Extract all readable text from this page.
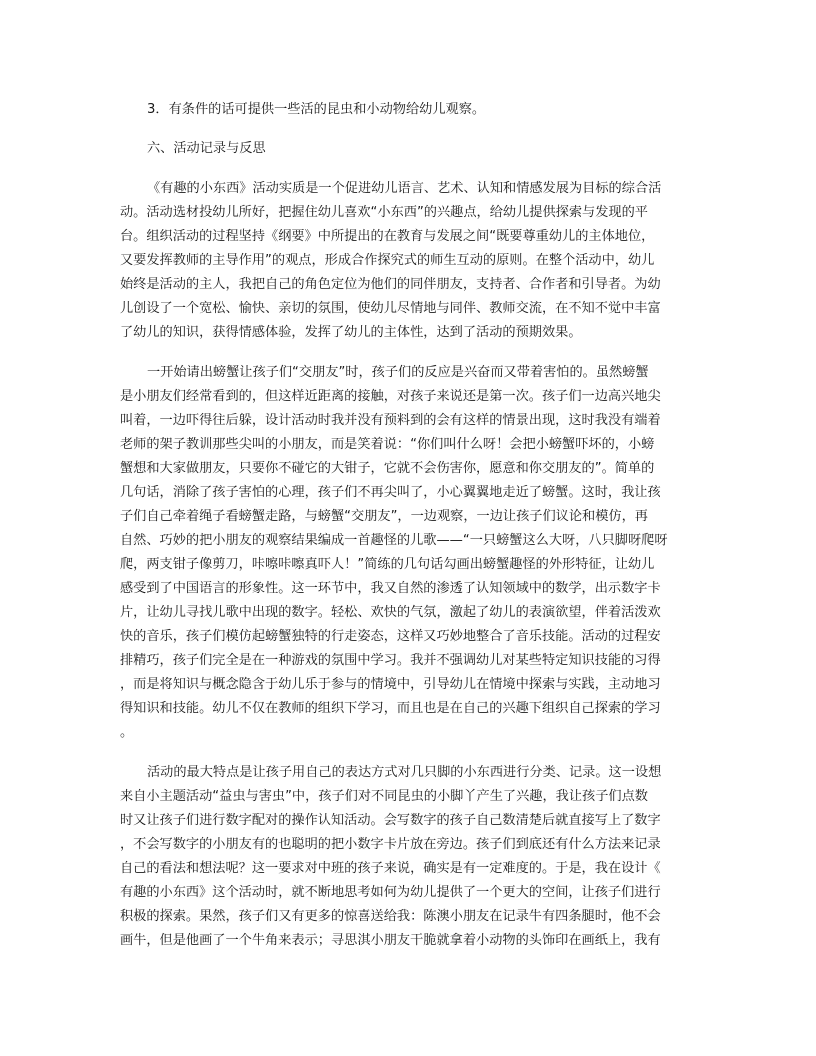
3．有条件的话可提供一些活的昆虫和小动物给幼儿观察。
六、活动记录与反思
《有趣的小东西》活动实质是一个促进幼儿语言、艺术、认知和情感发展为目标的综合活
动。活动选材投幼儿所好，把握住幼儿喜欢“小东西”的兴趣点，给幼儿提供探索与发现的平
台。组织活动的过程坚持《纲要》中所提出的在教育与发展之间“既要尊重幼儿的主体地位，
又要发挥教师的主导作用”的观点，形成合作探究式的师生互动的原则。在整个活动中，幼儿
始终是活动的主人，我把自己的角色定位为他们的同伴朋友，支持者、合作者和引导者。为幼
儿创设了一个宽松、愉快、亲切的氛围，使幼儿尽情地与同伴、教师交流，在不知不觉中丰富
了幼儿的知识，获得情感体验，发挥了幼儿的主体性，达到了活动的预期效果。
一开始请出螃蟹让孩子们“交朋友”时，孩子们的反应是兴奋而又带着害怕的。虽然螃蟹
是小朋友们经常看到的，但这样近距离的接触，对孩子来说还是第一次。孩子们一边高兴地尖
叫着，一边吓得往后躲，设计活动时我并没有预料到的会有这样的情景出现，这时我没有端着
老师的架子教训那些尖叫的小朋友，而是笑着说：“你们叫什么呀！会把小螃蟹吓坏的，小螃
蟹想和大家做朋友，只要你不碰它的大钳子，它就不会伤害你，愿意和你交朋友的”。简单的
几句话，消除了孩子害怕的心理，孩子们不再尖叫了，小心翼翼地走近了螃蟹。这时，我让孩
子们自己牵着绳子看螃蟹走路，与螃蟹“交朋友”，一边观察，一边让孩子们议论和模仿，再
自然、巧妙的把小朋友的观察结果编成一首趣怪的儿歌——“一只螃蟹这么大呀，八只脚呀爬呀
爬，两支钳子像剪刀，咔嚓咔嚓真吓人！”简练的几句话勾画出螃蟹趣怪的外形特征，让幼儿
感受到了中国语言的形象性。这一环节中，我又自然的渗透了认知领域中的数学，出示数字卡
片，让幼儿寻找儿歌中出现的数字。轻松、欢快的气氛，激起了幼儿的表演欲望，伴着活泼欢
快的音乐，孩子们模仿起螃蟹独特的行走姿态，这样又巧妙地整合了音乐技能。活动的过程安
排精巧，孩子们完全是在一种游戏的氛围中学习。我并不强调幼儿对某些特定知识技能的习得
，而是将知识与概念隐含于幼儿乐于参与的情境中，引导幼儿在情境中探索与实践，主动地习
得知识和技能。幼儿不仅在教师的组织下学习，而且也是在自己的兴趣下组织自己探索的学习
。
活动的最大特点是让孩子用自己的表达方式对几只脚的小东西进行分类、记录。这一设想
来自小主题活动“益虫与害虫”中，孩子们对不同昆虫的小脚丫产生了兴趣，我让孩子们点数
时又让孩子们进行数字配对的操作认知活动。会写数字的孩子自己数清楚后就直接写上了数字
，不会写数字的小朋友有的也聪明的把小数字卡片放在旁边。孩子们到底还有什么方法来记录
自己的看法和想法呢？这一要求对中班的孩子来说，确实是有一定难度的。于是，我在设计《
有趣的小东西》这个活动时，就不断地思考如何为幼儿提供了一个更大的空间，让孩子们进行
积极的探索。果然，孩子们又有更多的惊喜送给我：陈澳小朋友在记录牛有四条腿时，他不会
画牛，但是他画了一个牛角来表示；寻思淇小朋友干脆就拿着小动物的头饰印在画纸上，我有
